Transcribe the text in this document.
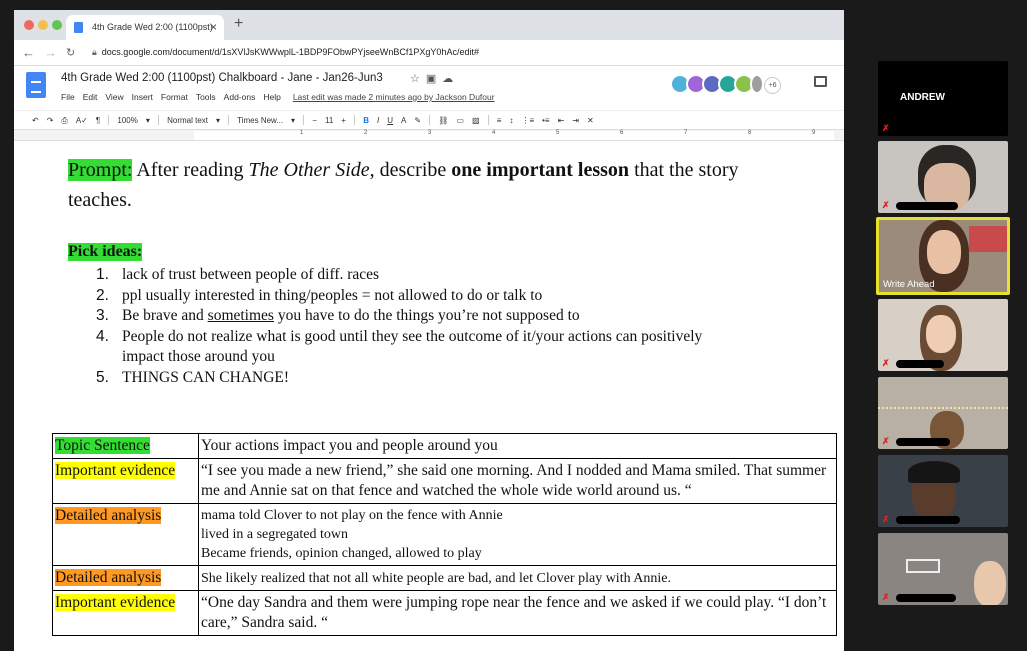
4th Grade Wed 2:00 (1100pst)
× +
← → ↻ 🔒︎ docs.google.com/document/d/1sXVlJsKWWwplL-1BDP9FObwPYjseeWnBCf1PXgY0hAc/edit#
4th Grade Wed 2:00 (1100pst) Chalkboard - Jane - Jan26-Jun3 ☆▣☁
File Edit View Insert Format Tools Add-ons Help Last edit was made 2 minutes ago by Jackson Dufour
+6
↶ ↷ ⎙ A✓ ¶ 100% ▾ Normal text ▾ Times New... ▾ − 11 + B I U A ✎ ⛓ ▭ ▨ ≡ ↕ ⋮≡ •≡ ⇤ ⇥ ✕
1	2	3	4	5	6	7	8	9
Prompt: After reading The Other Side, describe one important lesson that the story teaches.
Pick ideas:
1. lack of trust between people of diff. races
2. ppl usually interested in thing/peoples = not allowed to do or talk to
3. Be brave and sometimes you have to do the things you’re not supposed to
4. People do not realize what is good until they see the outcome of it/your actions can positively impact those around you
5. THINGS CAN CHANGE!
Topic Sentence	Your actions impact you and people around you
Important evidence	“I see you made a new friend,” she said one morning. And I nodded and Mama smiled. That summer me and Annie sat on that fence and watched the whole wide world around us. “
Detailed analysis	mama told Clover to not play on the fence with Annie
lived in a segregated town
Became friends, opinion changed, allowed to play

Detailed analysis	She likely realized that not all white people are bad, and let Clover play with Annie.
Important evidence	“One day Sandra and them were jumping rope near the fence and we asked if we could play. “I don’t care,” Sandra said. “
ANDREW
✗
✗
Write Ahead
✗
✗
✗
✗
